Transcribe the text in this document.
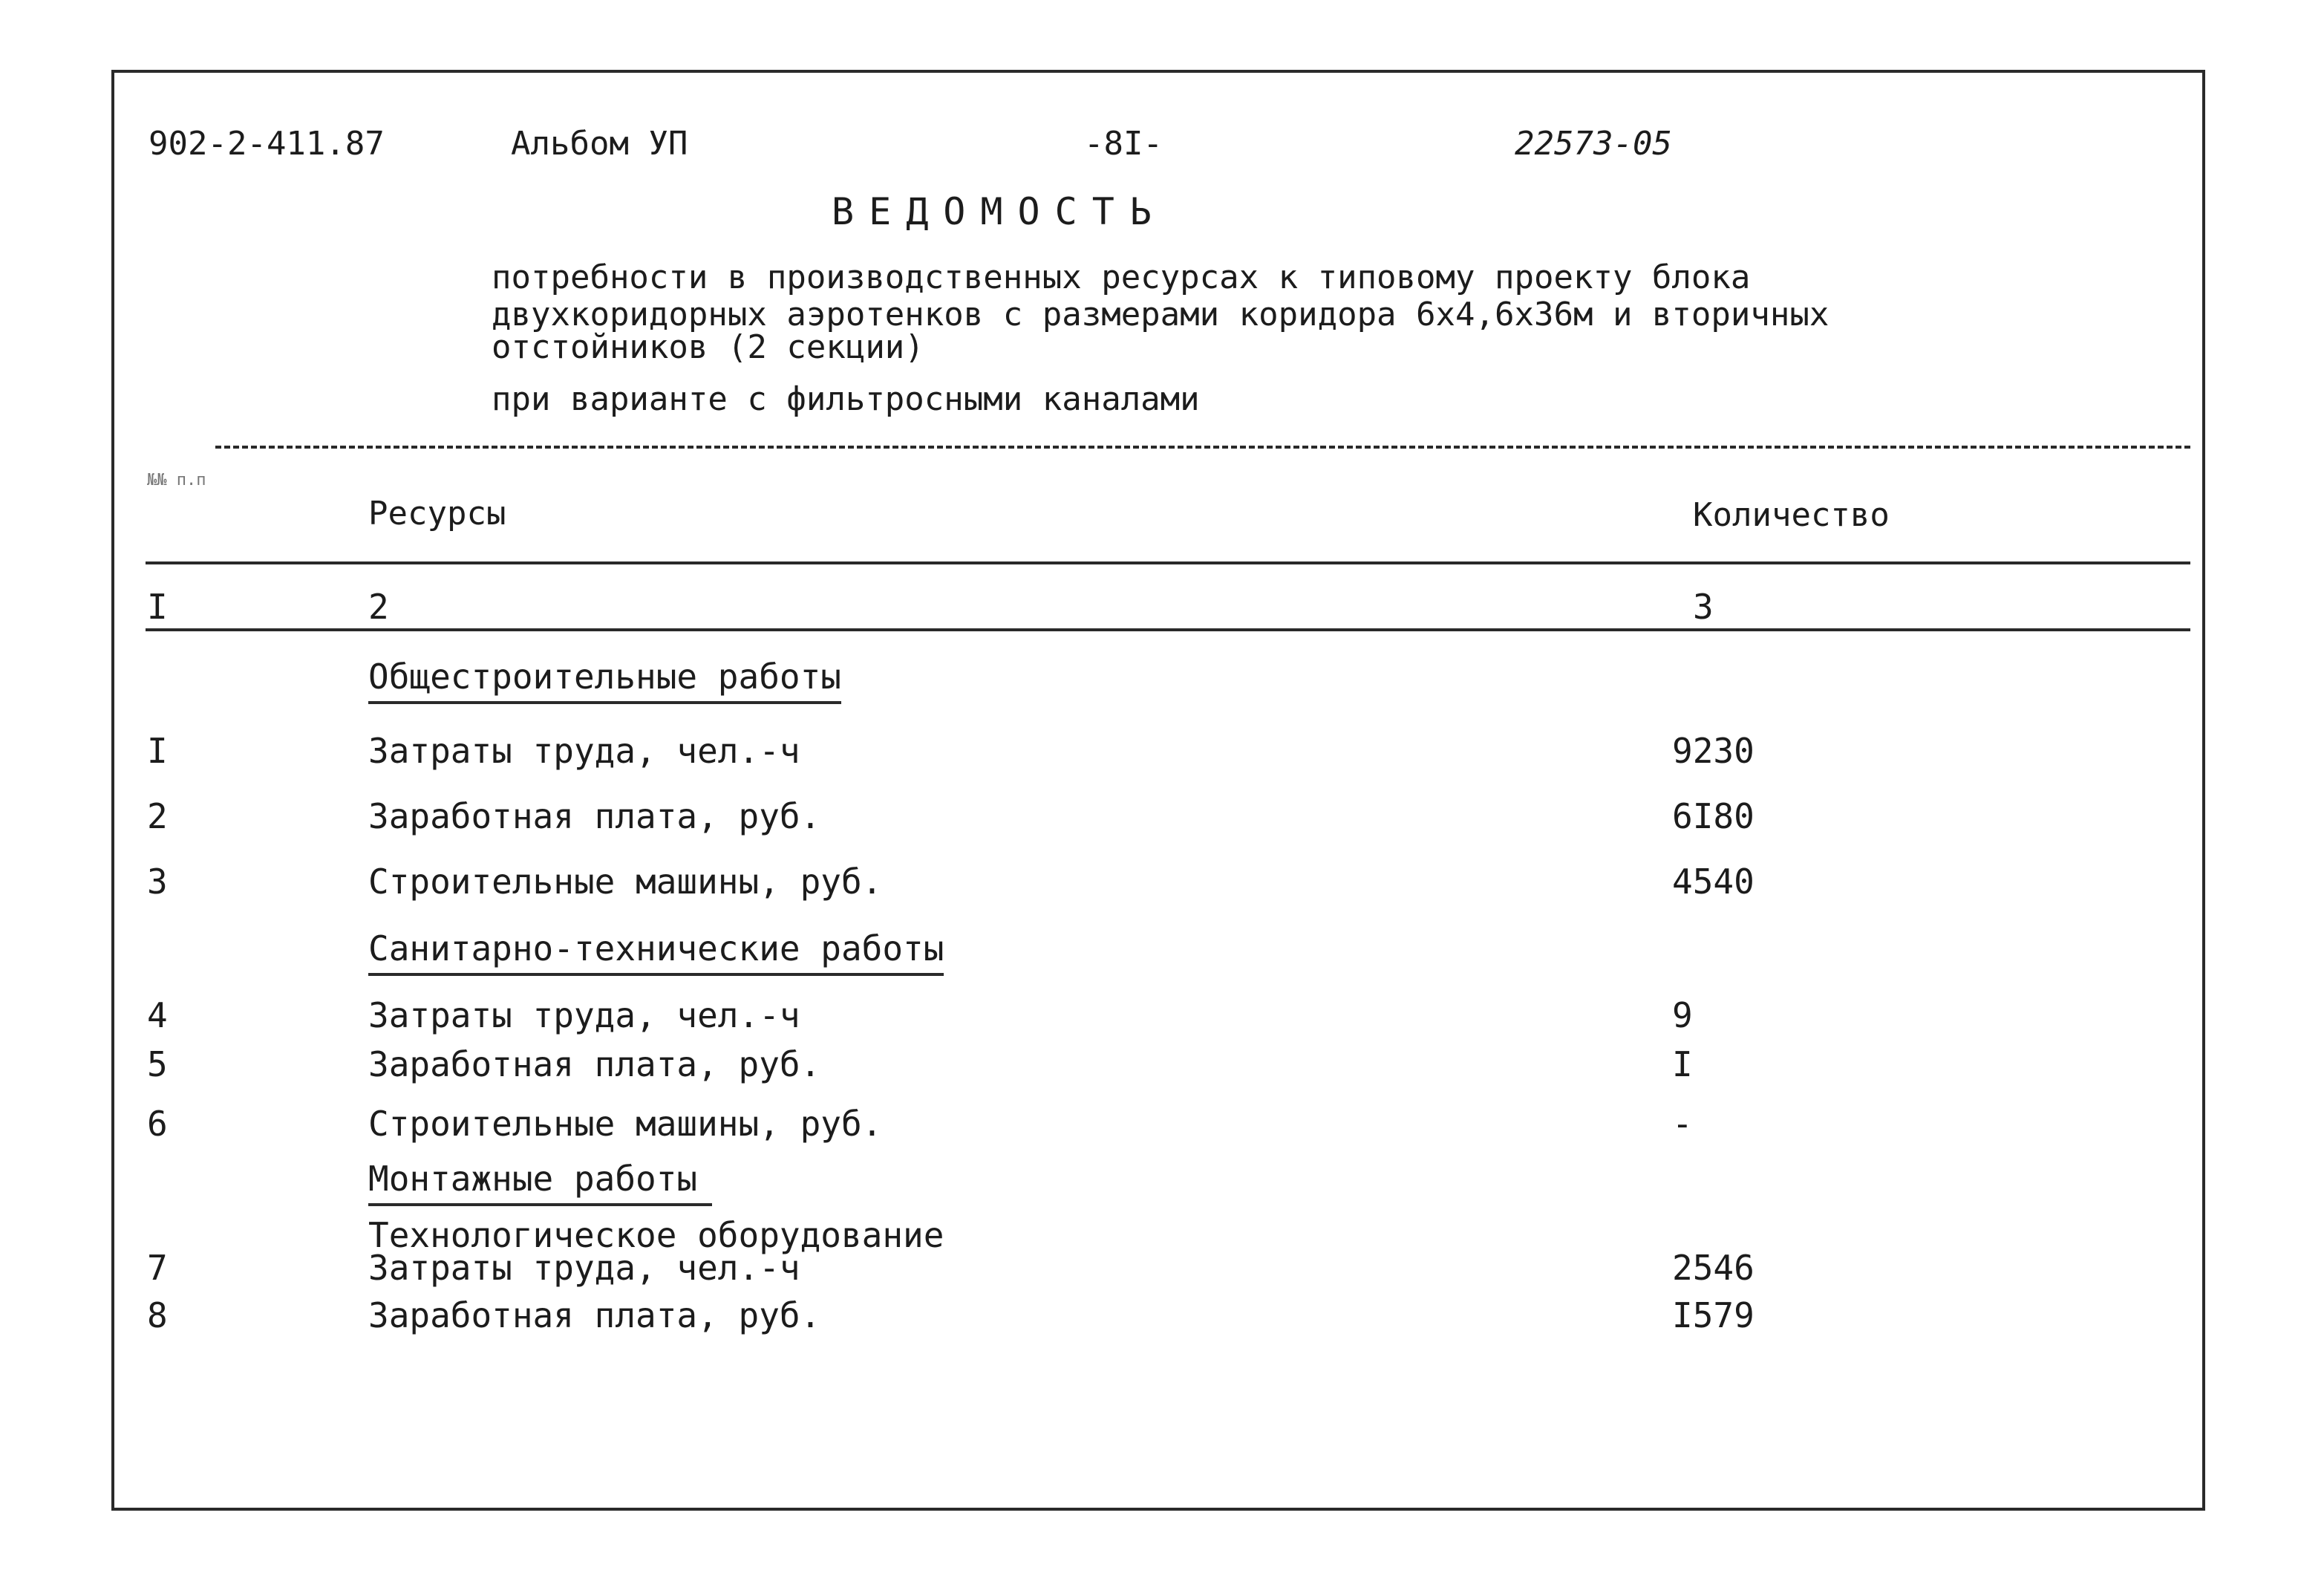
902-2-411.87	Альбом УП	-8I-	22573-05
ВЕДОМОСТЬ
потребности в производственных ресурсах к типовому проекту блока
двухкоридорных аэротенков с размерами коридора 6х4,6х36м и вторичных
отстойников (2 секции)
при варианте с фильтросными каналами
№№ п.п
Ресурсы	Количество
I	2	3
Общестроительные работы
I	Затраты труда, чел.-ч	9230
2	Заработная плата, руб.	6I80
3	Строительные машины, руб.	4540
Санитарно-технические работы
4	Затраты труда, чел.-ч	9
5	Заработная плата, руб.	I
6	Строительные машины, руб.	-
Монтажные работы
Технологическое оборудование
7	Затраты труда, чел.-ч	2546
8	Заработная плата, руб.	I579
